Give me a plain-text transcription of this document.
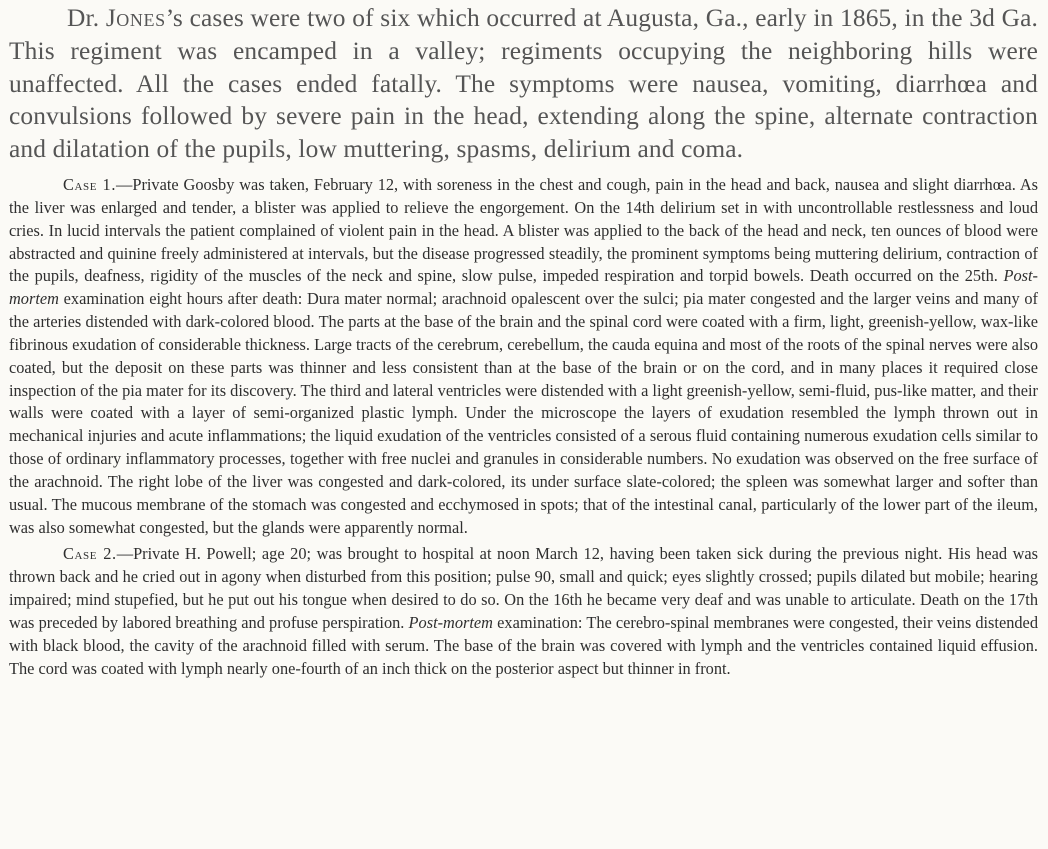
Dr. Jones’s cases were two of six which occurred at Augusta, Ga., early in 1865, in the 3d Ga. This regiment was encamped in a valley; regiments occupying the neighboring hills were unaffected. All the cases ended fatally. The symptoms were nausea, vomiting, diarrhœa and convulsions followed by severe pain in the head, extending along the spine, alternate contraction and dilatation of the pupils, low muttering, spasms, delirium and coma.

Case 1.—Private Goosby was taken, February 12, with soreness in the chest and cough, pain in the head and back, nausea and slight diarrhœa. As the liver was enlarged and tender, a blister was applied to relieve the engorgement. On the 14th delirium set in with uncontrollable restlessness and loud cries. In lucid intervals the patient complained of violent pain in the head. A blister was applied to the back of the head and neck, ten ounces of blood were abstracted and quinine freely administered at intervals, but the disease progressed steadily, the prominent symptoms being muttering delirium, contraction of the pupils, deafness, rigidity of the muscles of the neck and spine, slow pulse, impeded respiration and torpid bowels. Death occurred on the 25th. Post-mortem examination eight hours after death: Dura mater normal; arachnoid opalescent over the sulci; pia mater congested and the larger veins and many of the arteries distended with dark-colored blood. The parts at the base of the brain and the spinal cord were coated with a firm, light, greenish-yellow, wax-like fibrinous exudation of considerable thickness. Large tracts of the cerebrum, cerebellum, the cauda equina and most of the roots of the spinal nerves were also coated, but the deposit on these parts was thinner and less consistent than at the base of the brain or on the cord, and in many places it required close inspection of the pia mater for its discovery. The third and lateral ventricles were distended with a light greenish-yellow, semi-fluid, pus-like matter, and their walls were coated with a layer of semi-organized plastic lymph. Under the microscope the layers of exudation resembled the lymph thrown out in mechanical injuries and acute inflammations; the liquid exudation of the ventricles consisted of a serous fluid containing numerous exudation cells similar to those of ordinary inflammatory processes, together with free nuclei and granules in considerable numbers. No exudation was observed on the free surface of the arachnoid. The right lobe of the liver was congested and dark-colored, its under surface slate-colored; the spleen was somewhat larger and softer than usual. The mucous membrane of the stomach was congested and ecchymosed in spots; that of the intestinal canal, particularly of the lower part of the ileum, was also somewhat congested, but the glands were apparently normal.

Case 2.—Private H. Powell; age 20; was brought to hospital at noon March 12, having been taken sick during the previous night. His head was thrown back and he cried out in agony when disturbed from this position; pulse 90, small and quick; eyes slightly crossed; pupils dilated but mobile; hearing impaired; mind stupefied, but he put out his tongue when desired to do so. On the 16th he became very deaf and was unable to articulate. Death on the 17th was preceded by labored breathing and profuse perspiration. Post-mortem examination: The cerebro-spinal membranes were congested, their veins distended with black blood, the cavity of the arachnoid filled with serum. The base of the brain was covered with lymph and the ventricles contained liquid effusion. The cord was coated with lymph nearly one-fourth of an inch thick on the posterior aspect but thinner in front.
